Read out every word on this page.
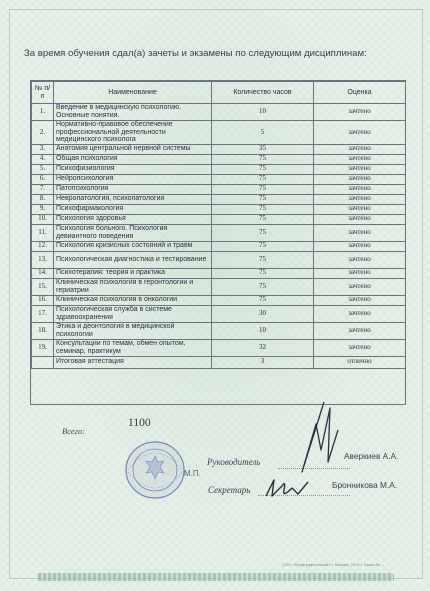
За время обучения сдал(а) зачеты и экзамены по следующим дисциплинам:
№ п/п	Наименование	Количество часов	Оценка
1.	Введение в медицинскую психологию. Основные понятия.	10	зачтено
2.	Нормативно-правовое обеспечение профессиональной деятельности медицинского психолога	5	зачтено
3.	Анатомия центральной нервной системы	35	зачтено
4.	Общая психология	75	зачтено
5.	Психофизиология	75	зачтено
6.	Нейропсихология	75	зачтено
7.	Патопсихология	75	зачтено
8.	Невропатология, психопатология	75	зачтено
9.	Психофармакология	75	зачтено
10.	Психология здоровья	75	зачтено
11.	Психология больного. Психология девиантного поведения	75	зачтено
12.	Психология кризисных состояний и травм	75	зачтено
13.	Психологическая диагностика и тестирование	75	зачтено
14.	Психотерапия: теория и практика	75	зачтено
15.	Клиническая психология в геронтологии и гериатрии	75	зачтено
16.	Клиническая психология в онкологии	75	зачтено
17.	Психологическая служба в системе здравоохранения	30	зачтено
18.	Этика и деонтология в медицинской психологии	10	зачтено
19.	Консультации по темам, обмен опытом, семинар, практикум	32	зачтено
	Итоговая аттестация	3	отлично
Всего:
1100
М.П.
Руководитель
Аверкиев А.А.
Секретарь	Бронникова М.А.
ООО «Полиграфический» г. Москва, 2013 г. Заказ № ...
